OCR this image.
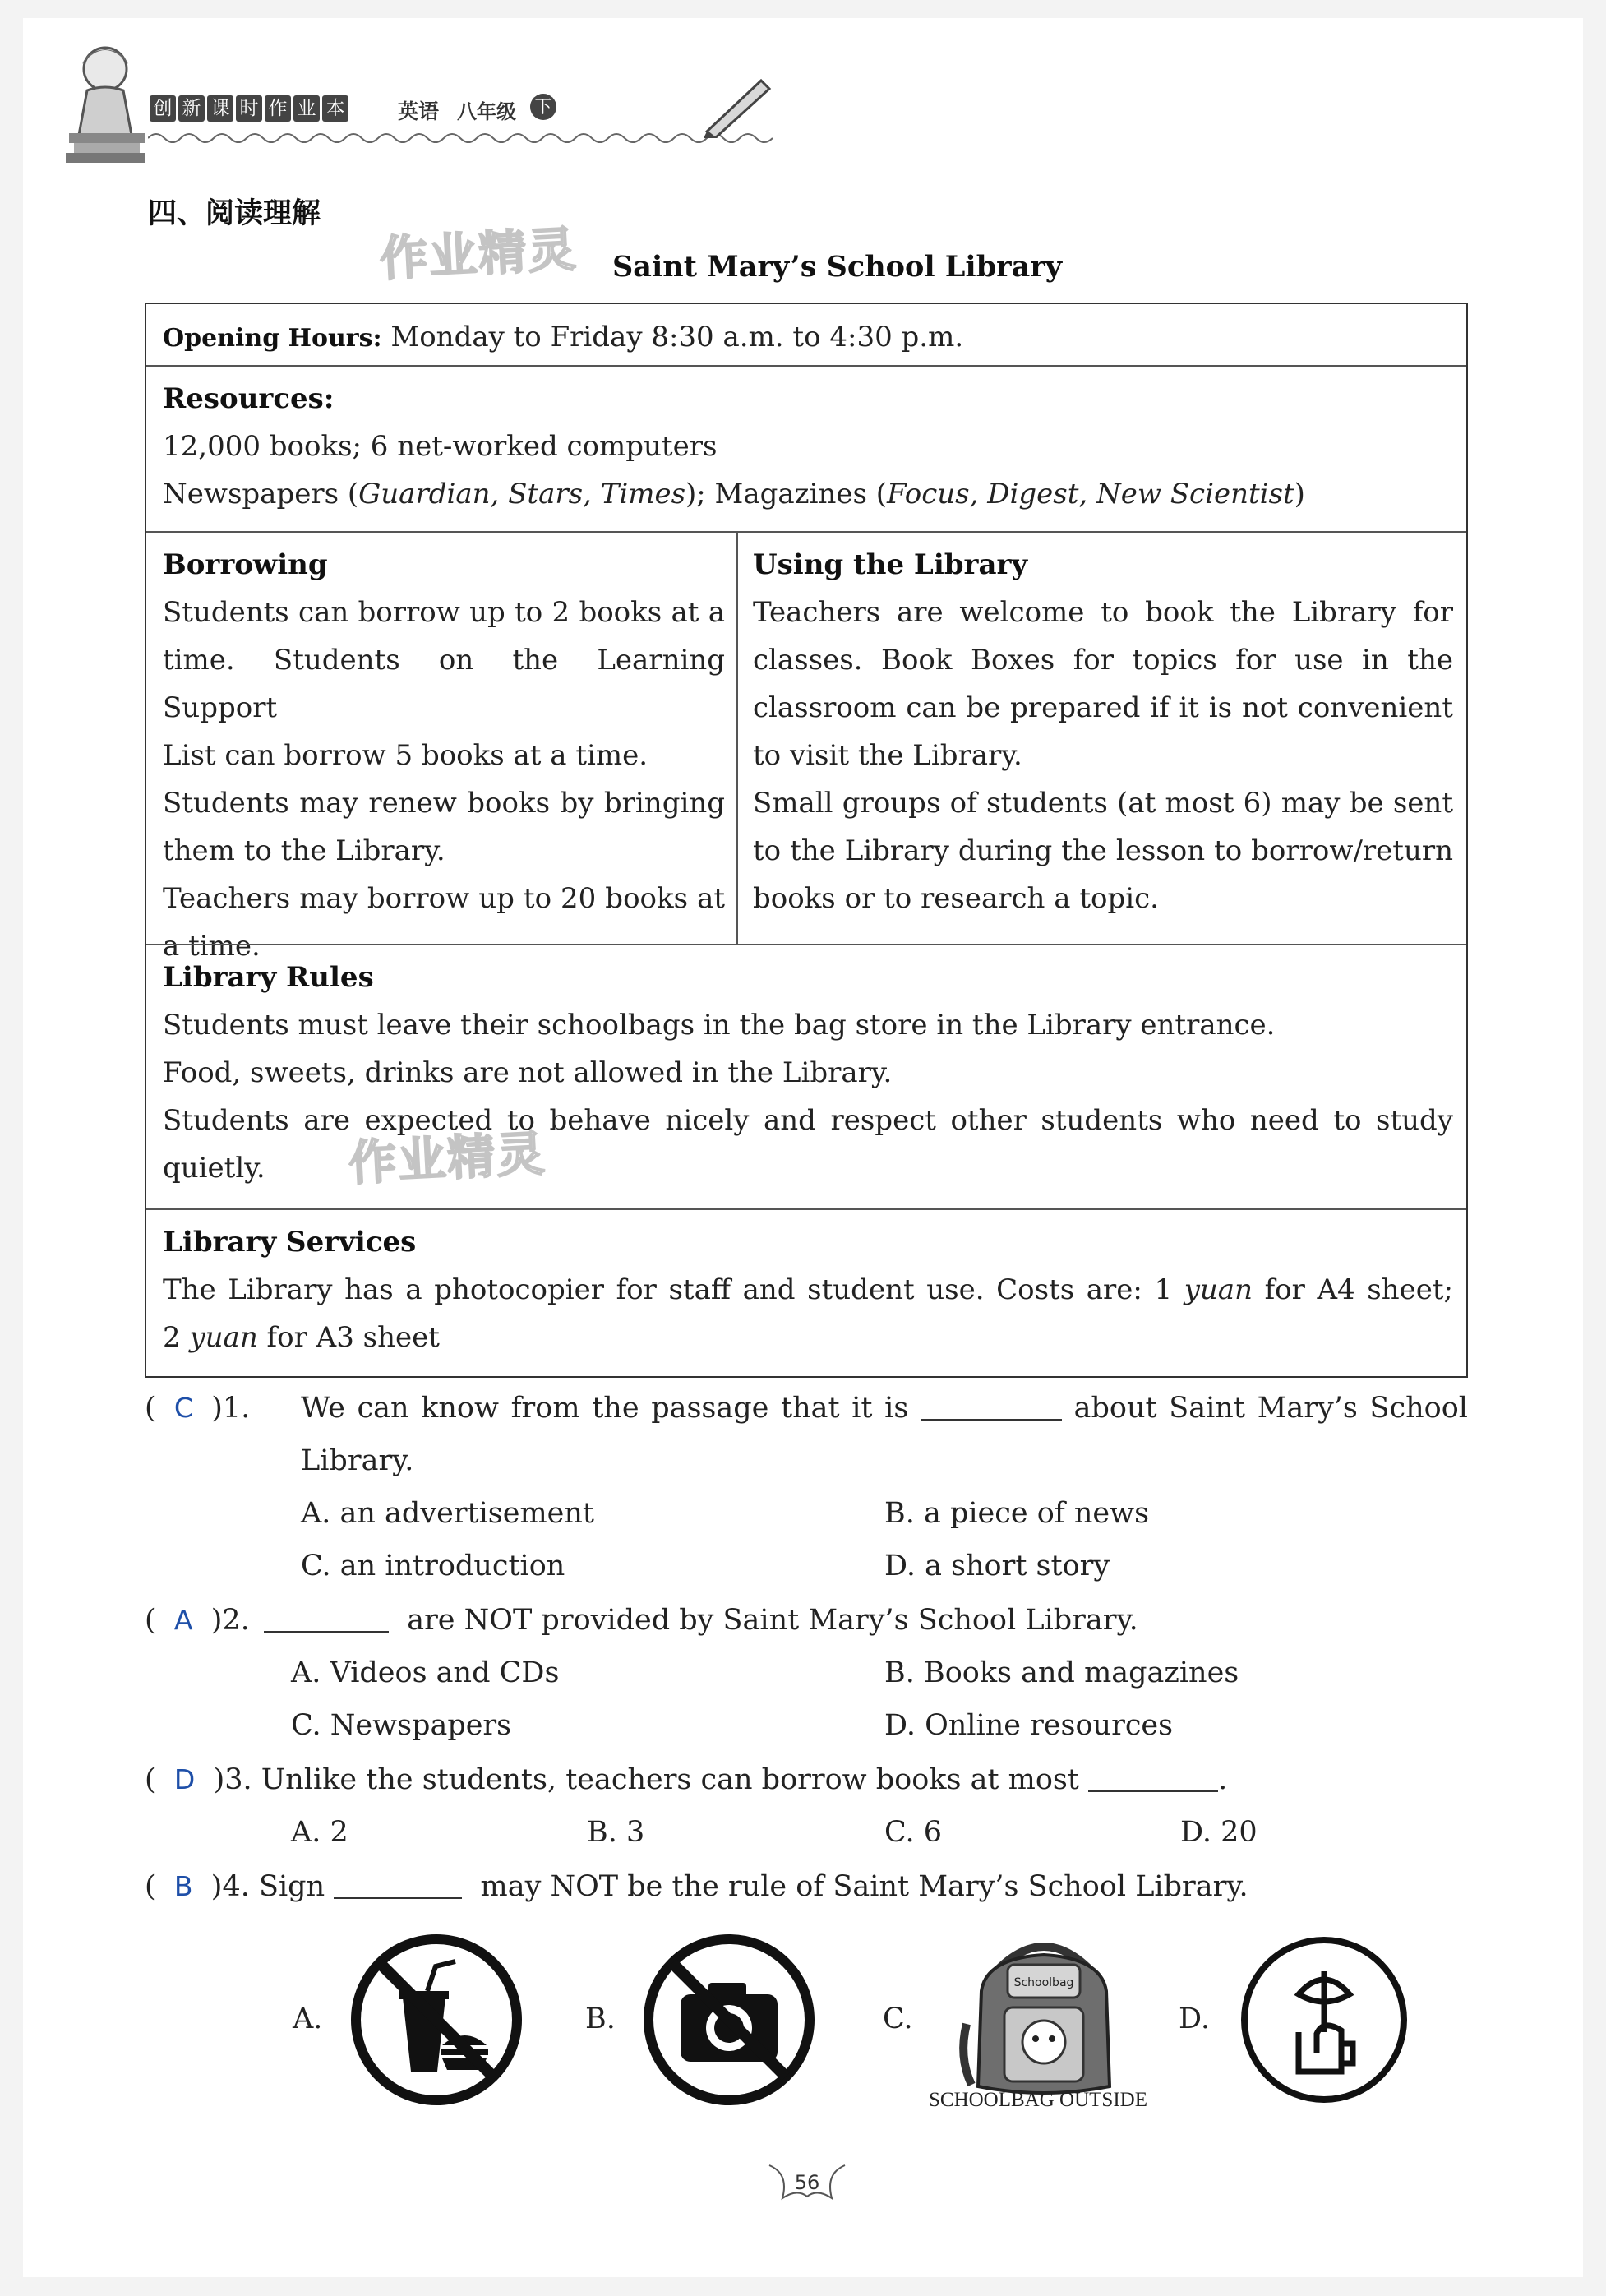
创 新 课 时 作 业 本	英语 八年级 下
四、阅读理解
作业精灵 Saint Mary’s School Library
Opening Hours: Monday to Friday 8:30 a.m. to 4:30 p.m.
Resources:
12,000 books; 6 net-worked computers
Newspapers (Guardian, Stars, Times); Magazines (Focus, Digest, New Scientist)
Borrowing
Students can borrow up to 2 books at a
time. Students on the Learning Support
List can borrow 5 books at a time.
Students may renew books by bringing
them to the Library.
Teachers may borrow up to 20 books at
a time.
Using the Library
Teachers are welcome to book the Library for
classes. Book Boxes for topics for use in the
classroom can be prepared if it is not convenient
to visit the Library.
Small groups of students (at most 6) may be sent
to the Library during the lesson to borrow/return
books or to research a topic.
Library Rules
Students must leave their schoolbags in the bag store in the Library entrance.
Food, sweets, drinks are not allowed in the Library.
Students are expected to behave nicely and respect other students who need to study
quietly.
Library Services
The Library has a photocopier for staff and student use. Costs are: 1 yuan for A4 sheet;
2 yuan for A3 sheet
作业精灵
(  C  )1. We can know from the passage that it is	about Saint Mary’s School
Library.
A. an advertisement	B. a piece of news
C. an introduction	D. a short story
(  A  )2.	are NOT provided by Saint Mary’s School Library.
A. Videos and CDs	B. Books and magazines
C. Newspapers	D. Online resources
(  D  )3. Unlike the students, teachers can borrow books at most	.
A. 2	B. 3	C. 6	D. 20
(  B  )4. Sign	may NOT be the rule of Saint Mary’s School Library.
A.	B.	C.
Schoolbag
SCHOOLBAG OUTSIDE
D.
56
